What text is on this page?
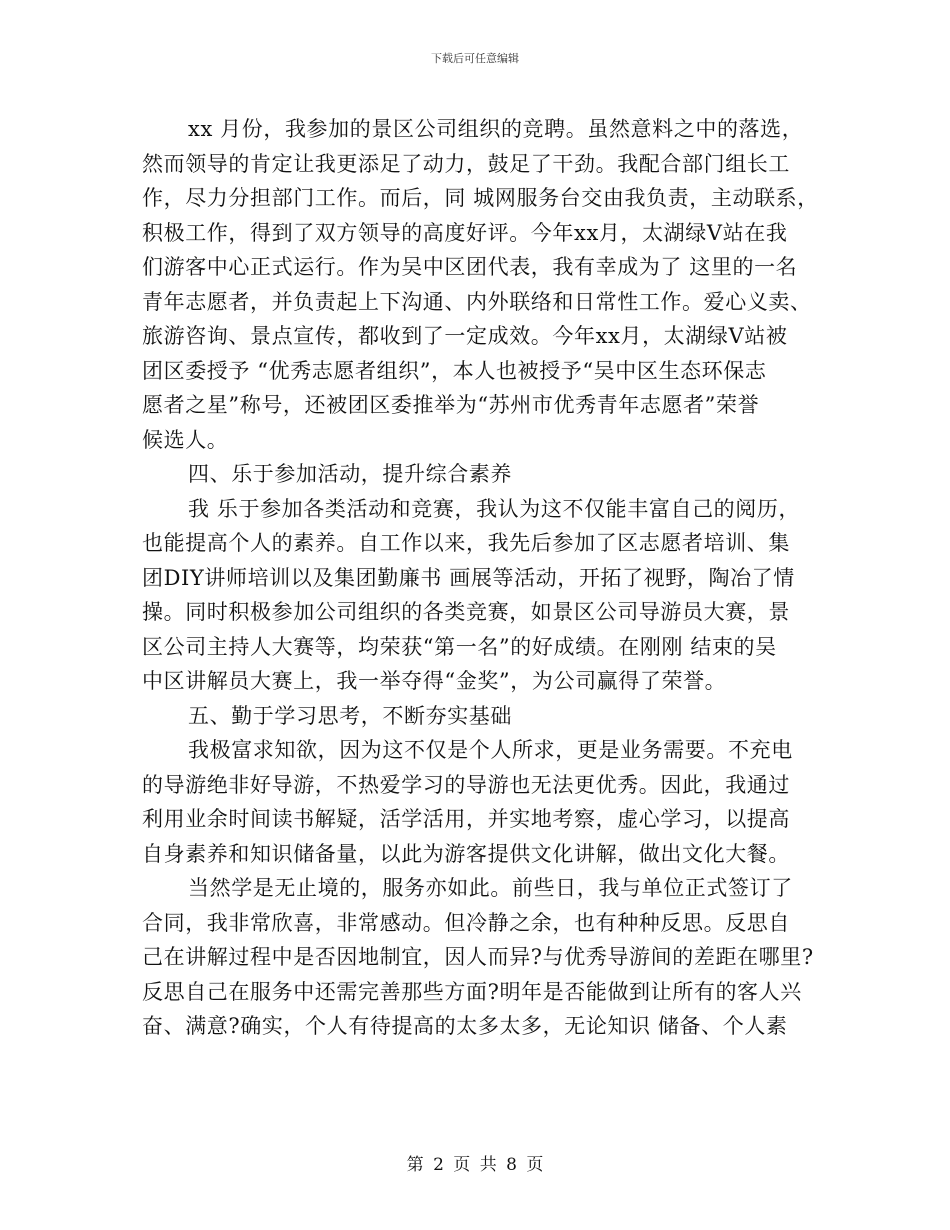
下载后可任意编辑
xx 月份，我参加的景区公司组织的竞聘。虽然意料之中的落选，
然而领导的肯定让我更添足了动力，鼓足了干劲。我配合部门组长工
作，尽力分担部门工作。而后，同 城网服务台交由我负责，主动联系，
积极工作，得到了双方领导的高度好评。今年xx月，太湖绿Ⅴ站在我
们游客中心正式运行。作为吴中区团代表，我有幸成为了 这里的一名
青年志愿者，并负责起上下沟通、内外联络和日常性工作。爱心义卖、
旅游咨询、景点宣传，都收到了一定成效。今年xx月，太湖绿Ⅴ站被
团区委授予 “优秀志愿者组织”，本人也被授予“吴中区生态环保志
愿者之星”称号，还被团区委推举为“苏州市优秀青年志愿者”荣誉
候选人。
四、乐于参加活动，提升综合素养
我 乐于参加各类活动和竞赛，我认为这不仅能丰富自己的阅历，
也能提高个人的素养。自工作以来，我先后参加了区志愿者培训、集
团DIY讲师培训以及集团勤廉书 画展等活动，开拓了视野，陶冶了情
操。同时积极参加公司组织的各类竞赛，如景区公司导游员大赛，景
区公司主持人大赛等，均荣获“第一名”的好成绩。在刚刚 结束的吴
中区讲解员大赛上，我一举夺得“金奖”，为公司赢得了荣誉。
五、勤于学习思考，不断夯实基础
我极富求知欲，因为这不仅是个人所求，更是业务需要。不充电
的导游绝非好导游，不热爱学习的导游也无法更优秀。因此，我通过
利用业余时间读书解疑，活学活用，并实地考察，虚心学习，以提高
自身素养和知识储备量，以此为游客提供文化讲解，做出文化大餐。
当然学是无止境的，服务亦如此。前些日，我与单位正式签订了
合同，我非常欣喜，非常感动。但冷静之余，也有种种反思。反思自
己在讲解过程中是否因地制宜，因人而异?与优秀导游间的差距在哪里?
反思自己在服务中还需完善那些方面?明年是否能做到让所有的客人兴
奋、满意?确实，个人有待提高的太多太多，无论知识 储备、个人素
第 2 页 共 8 页
